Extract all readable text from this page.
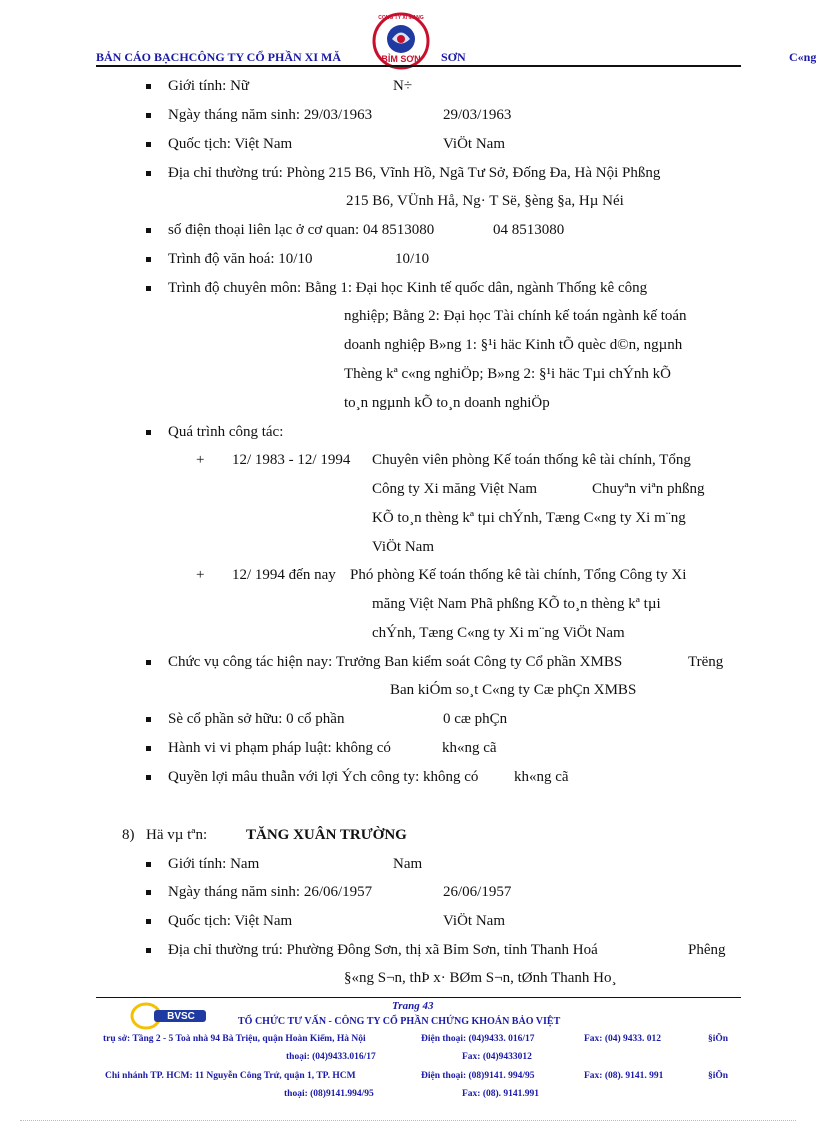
BẢN CÁO BẠCHCÔNG TY CỔ PHẦN XI MĂ	SƠN	C«ng
CÔNG TY XI MĂNG
BỈM SƠN
Giới tính: Nữ	N÷
Ngày tháng năm sinh: 29/03/1963	29/03/1963
Quốc tịch: Việt Nam	ViÖt Nam
Địa chỉ thường trú: Phòng 215 B6, Vĩnh Hồ, Ngã Tư Sở, Đống Đa, Hà Nội Phßng
215 B6, VÜnh Hå, Ng· T Së, §èng §a, Hµ Néi
số điện thoại liên lạc ở cơ quan: 04 8513080	04 8513080
Trình độ văn hoá: 10/10	10/10
Trình độ chuyên môn: Bằng 1: Đại học Kinh tế quốc dân, ngành Thống kê công
nghiệp; Bằng 2: Đại học Tài chính kế toán ngành kế toán
doanh nghiệp B»ng 1: §¹i häc Kinh tÕ quèc d©n, ngµnh
Thèng kª c«ng nghiÖp; B»ng 2: §¹i häc Tµi chÝnh kÕ
to¸n ngµnh kÕ to¸n doanh nghiÖp
Quá trình công tác:
+ 12/ 1983 - 12/ 1994 Chuyên viên phòng Kế toán thống kê tài chính, Tổng
Công ty Xi măng Việt Nam	Chuyªn viªn phßng
KÕ to¸n thèng kª tµi chÝnh, Tæng C«ng ty Xi m¨ng
ViÖt Nam
+ 12/ 1994 đến nay Phó phòng Kế toán thống kê tài chính, Tổng Công ty Xi
măng Việt Nam Phã phßng KÕ to¸n thèng kª tµi
chÝnh, Tæng C«ng ty Xi m¨ng ViÖt Nam
Chức vụ công tác hiện nay: Trưởng Ban kiểm soát Công ty Cổ phần XMBS	Trëng
Ban kiÓm so¸t C«ng ty Cæ phÇn XMBS
Sè cổ phần sở hữu: 0 cổ phần	0 cæ phÇn
Hành vi vi phạm pháp luật: không có	kh«ng cã
Quyền lợi mâu thuẫn với lợi Ých công ty: không có kh«ng cã
8) Hä vµ tªn:	TĂNG XUÂN TRƯỜNG
Giới tính: Nam	Nam
Ngày tháng năm sinh: 26/06/1957	26/06/1957
Quốc tịch: Việt Nam	ViÖt Nam
Địa chỉ thường trú: Phường Đông Sơn, thị xã Bỉm Sơn, tỉnh Thanh Hoá	Phêng
§«ng S¬n, thÞ x· BØm S¬n, tØnh Thanh Ho¸
Trang 43
BVSC	TỔ CHỨC TƯ VẤN - CÔNG TY CỔ PHẦN CHỨNG KHOÁN BẢO VIỆT
trụ sở: Tầng 2 - 5 Toà nhà 94 Bà Triệu, quận Hoàn Kiếm, Hà Nội	Điện thoại: (04)9433. 016/17	Fax: (04) 9433. 012	§iÖn
thoại: (04)9433.016/17	Fax: (04)9433012
Chi nhánh TP. HCM: 11 Nguyễn Công Trứ, quận 1, TP. HCM	Điện thoại: (08)9141. 994/95	Fax: (08). 9141. 991	§iÖn
thoại: (08)9141.994/95	Fax: (08). 9141.991
